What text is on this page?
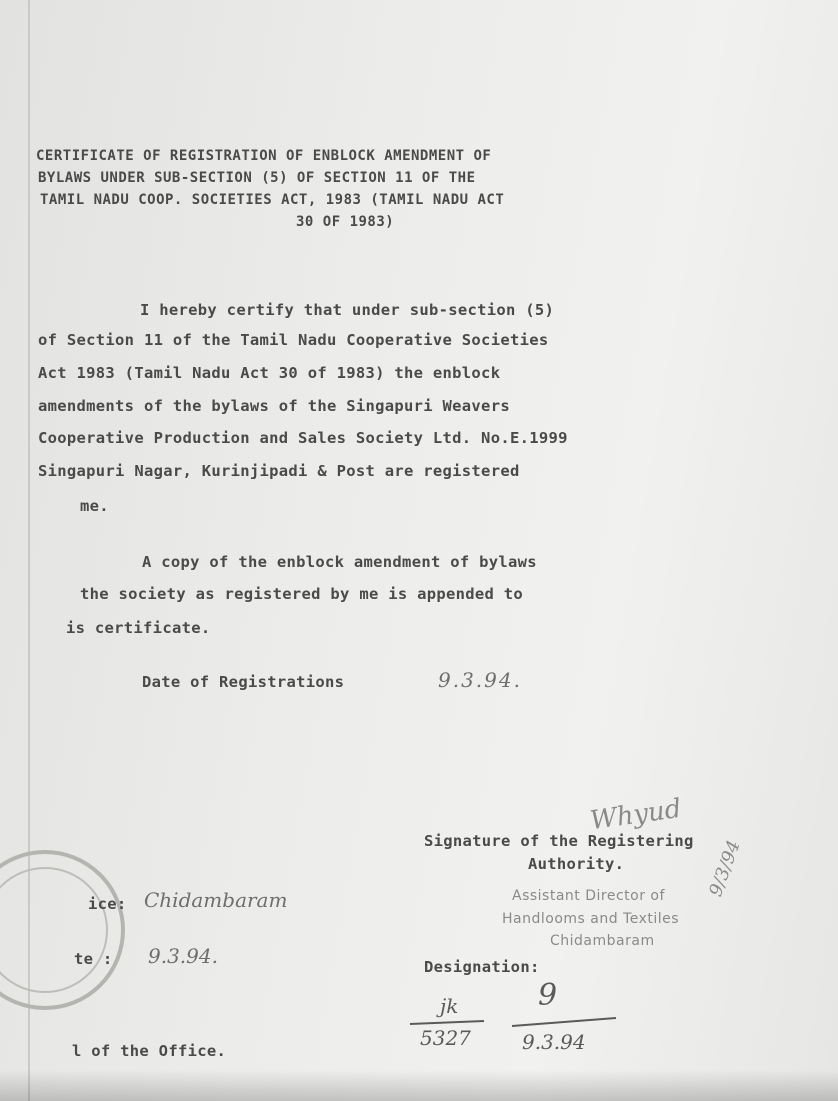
CERTIFICATE OF REGISTRATION OF ENBLOCK AMENDMENT OF
BYLAWS UNDER SUB-SECTION (5) OF SECTION 11 OF THE
TAMIL NADU COOP. SOCIETIES ACT, 1983 (TAMIL NADU ACT
30 OF 1983)
I hereby certify that under sub-section (5)
of Section 11 of the Tamil Nadu Cooperative Societies
Act 1983 (Tamil Nadu Act 30 of 1983) the enblock
amendments of the bylaws of the Singapuri Weavers
Cooperative Production and Sales Society Ltd. No.E.1999
Singapuri Nagar, Kurinjipadi & Post are registered
me.
A copy of the enblock amendment of bylaws
the society as registered by me is appended to
is certificate.
Date of Registrations	9.3.94.
Whyud
Signature of the Registering
Authority.	9/3/94
Assistant Director of
Handlooms and Textiles
Chidambaram
Designation:
ice: Chidambaram
te : 9.3.94.
jk
5327
9
9.3.94
l of the Office.
